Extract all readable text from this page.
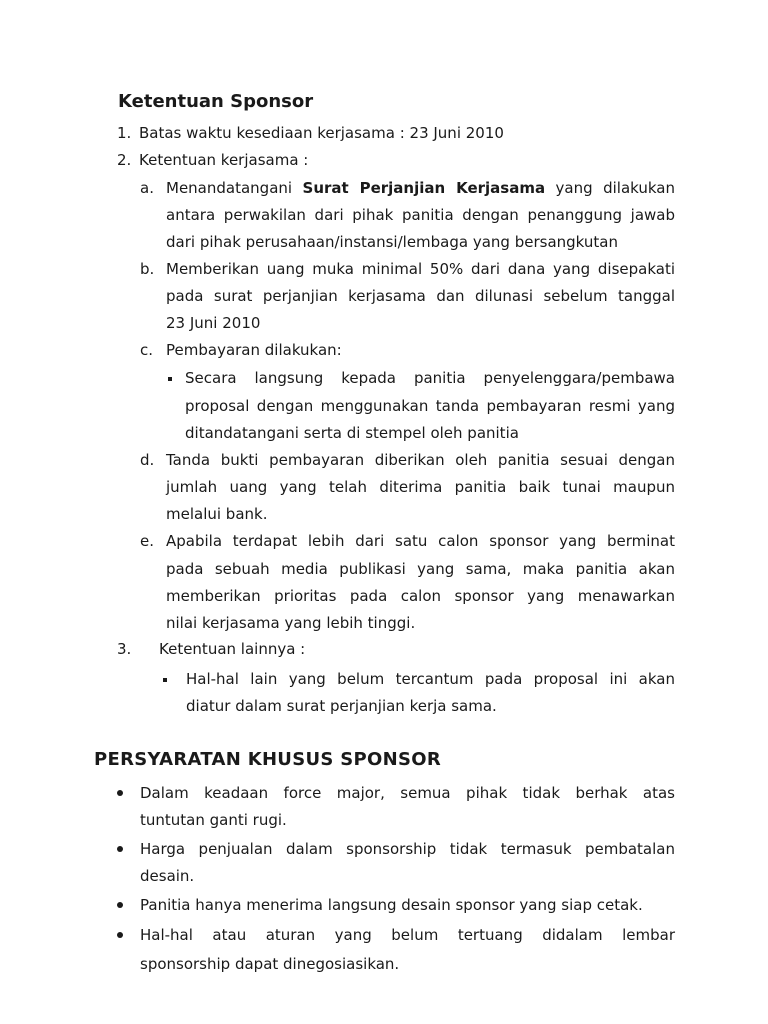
Ketentuan Sponsor
1. Batas waktu kesediaan kerjasama : 23 Juni 2010
2. Ketentuan kerjasama :
a. Menandatangani Surat Perjanjian Kerjasama yang dilakukan
antara perwakilan dari pihak panitia dengan penanggung jawab
dari pihak perusahaan/instansi/lembaga yang bersangkutan
b. Memberikan uang muka minimal 50% dari dana yang disepakati
pada surat perjanjian kerjasama dan dilunasi sebelum tanggal
23 Juni 2010
c. Pembayaran dilakukan:
Secara langsung kepada panitia penyelenggara/pembawa
proposal dengan menggunakan tanda pembayaran resmi yang
ditandatangani serta di stempel oleh panitia
d. Tanda bukti pembayaran diberikan oleh panitia sesuai dengan
jumlah uang yang telah diterima panitia baik tunai maupun
melalui bank.
e. Apabila terdapat lebih dari satu calon sponsor yang berminat
pada sebuah media publikasi yang sama, maka panitia akan
memberikan prioritas pada calon sponsor yang menawarkan
nilai kerjasama yang lebih tinggi.
3. Ketentuan lainnya :
Hal-hal lain yang belum tercantum pada proposal ini akan
diatur dalam surat perjanjian kerja sama.
PERSYARATAN KHUSUS SPONSOR
Dalam keadaan force major, semua pihak tidak berhak atas
tuntutan ganti rugi.
Harga penjualan dalam sponsorship tidak termasuk pembatalan
desain.
Panitia hanya menerima langsung desain sponsor yang siap cetak.
Hal-hal atau aturan yang belum tertuang didalam lembar
sponsorship dapat dinegosiasikan.
